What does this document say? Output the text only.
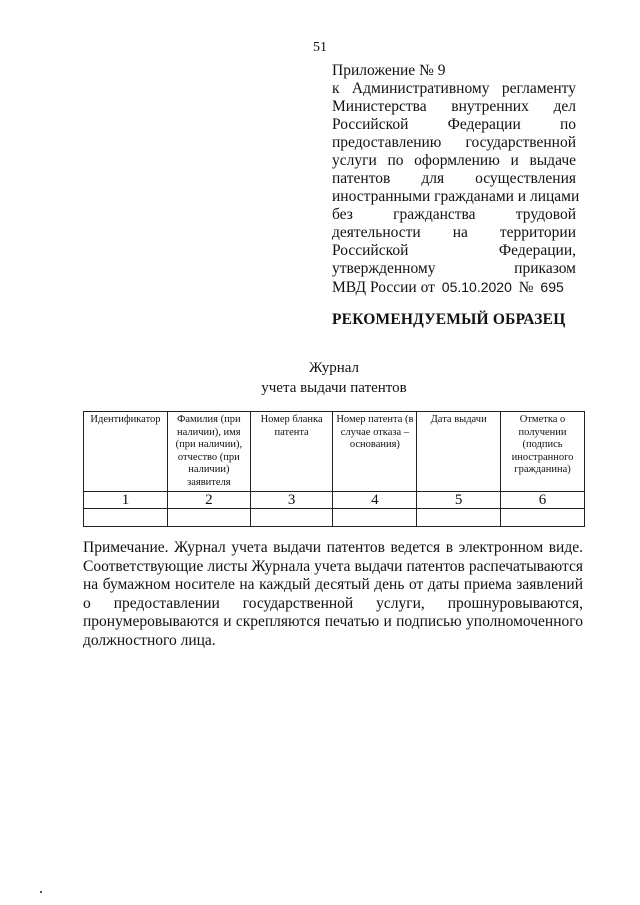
51
Приложение № 9
к Административному регламенту
Министерства внутренних дел
Российской Федерации по
предоставлению государственной
услуги по оформлению и выдаче
патентов для осуществления
иностранными гражданами и лицами
без гражданства трудовой
деятельности на территории
Российской Федерации,
утвержденному приказом
МВД России от 05.10.2020 № 695
РЕКОМЕНДУЕМЫЙ ОБРАЗЕЦ
Журнал
учета выдачи патентов
Идентификатор	Фамилия (при наличии), имя (при наличии), отчество (при наличии) заявителя	Номер бланка патента	Номер патента (в случае отказа – основания)	Дата выдачи	Отметка о получении (подпись иностранного гражданина)
1	2	3	4	5	6

Примечание. Журнал учета выдачи патентов ведется в электронном виде. Соответствующие листы Журнала учета выдачи патентов распечатываются на бумажном носителе на каждый десятый день от даты приема заявлений о предоставлении государственной услуги, прошнуровываются, пронумеровываются и скрепляются печатью и подписью уполномоченного должностного лица.
